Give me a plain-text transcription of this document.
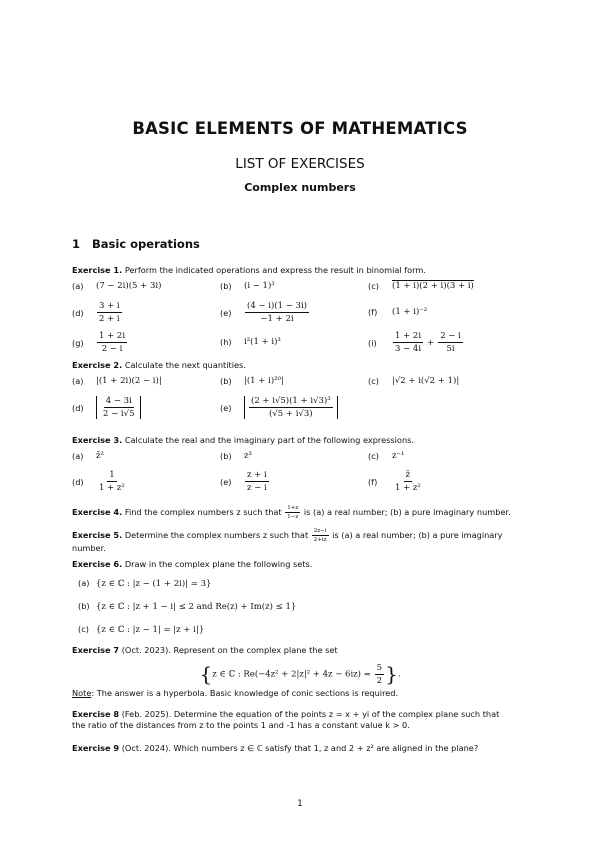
BASIC ELEMENTS OF MATHEMATICS
LIST OF EXERCISES
Complex numbers
1 Basic operations
Exercise 1. Perform the indicated operations and express the result in binomial form.
(a)	(7 − 2i)(5 + 3i)	(b)	(i − 1)³	(c)	(1 + i)(2 + i)(3 + i)
(d)	$\frac{3 + i}{2 + i}$	(e)	$\frac{(4 - i)(1 - 3i)}{-1 + 2i}$	(f)	(1 + i)⁻²
(g)	$\frac{1 + 2i}{2 - i}$	(h)	i²(1 + i)³	(i)	$\frac{1 + 2i}{3 - 4i} + \frac{2 - i}{5i}$
Exercise 2. Calculate the next quantities.
(a)	|(1 + 2i)(2 − i)|	(b)	|(1 + i)²⁰|	(c)	|√2 + i(√2 + 1)|
(d)	$\frac{4 - 3i}{2 - i√5}$	(e)	$\frac{\text{(2 + i√5)(1 + i√3)³}}{(√5 + i√3)}$
Exercise 3. Calculate the real and the imaginary part of the following expressions.
(a)	z̄²	(b)	z³	(c)	z⁻¹
(d)	$\frac{1}{\text{1 + z²}}$	(e)	$\frac{z + i}{z - i}$	(f)	$\frac{z̄}{\text{1 + z²}}$
Exercise 4. Find the complex numbers z such that $\frac{1+z}{1-z}$ is (a) a real number; (b) a pure imaginary number.
Exercise 5. Determine the complex numbers z such that $\frac{2z-i}{2+iz}$ is (a) a real number; (b) a pure imaginary
number.
Exercise 6. Draw in the complex plane the following sets.
(a) {z ∈ ℂ : |z − (1 + 2i)| = 3}
(b) {z ∈ ℂ : |z + 1 − i| ≤ 2 and Re(z) + Im(z) ≤ 1}
(c) {z ∈ ℂ : |z − 1| = |z + i|}
Exercise 7 (Oct. 2023). Represent on the complex plane the set
{z ∈ ℂ : $Re(-4z^2 + 2|z|^2 + 4z - 6iz) = \frac{5}{2}$ }.
Note: The answer is a hyperbola. Basic knowledge of conic sections is required.
Exercise 8 (Feb. 2025). Determine the equation of the points z = x + yi of the complex plane such that
the ratio of the distances from z to the points 1 and -1 has a constant value k > 0.
Exercise 9 (Oct. 2024). Which numbers z ∈ ℂ satisfy that 1, z and 2 + z² are aligned in the plane?
1
